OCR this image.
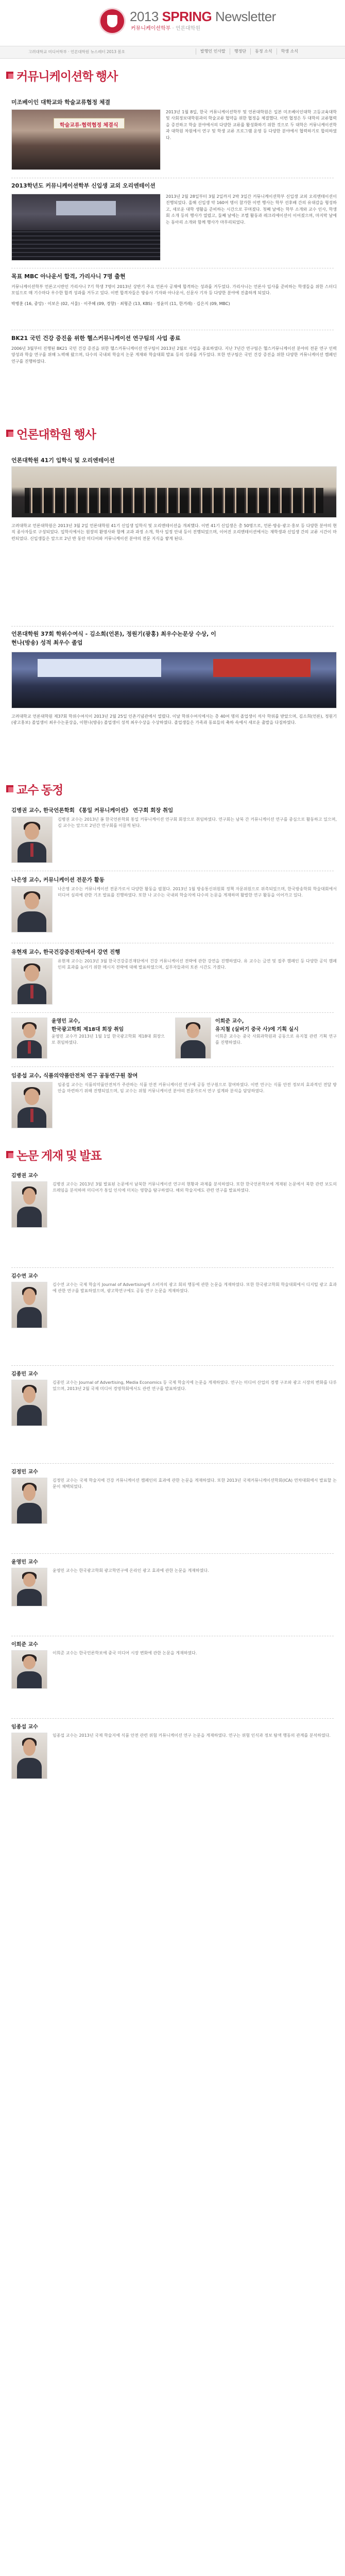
2013 SPRING Newsletter
커뮤니케이션학부 · 언론대학원
고려대학교 미디어학부 · 언론대학원 뉴스레터 2013 봄호	발행인 인사말	행정단	동정 소식	학생 소식
커뮤니케이션학 행사
미조베이인 대학교와 학술교류협정 체결
학술교류·협력협정 체결식

2013년 1월 8일, 한국 커뮤니케이션학부 및 언론대학원은 일본 미조베이인대학 고등교육대학 및 사회정보대학원과의 학술교류 협약을 위한 협정을 체결했다. 이번 협정은 두 대학의 교류협력을 증진하고 학술 분야에서의 다양한 교류를 활성화하기 위한 것으로 두 대학은 커뮤니케이션학과 대학원 차원에서 연구 및 학생 교류 프로그램 운영 등 다양한 분야에서 협력하기로 합의하였다.

2013학년도 커뮤니케이션학부 신입생 교외 오리엔테이션

2013년 2월 28일부터 3월 2일까지 2박 3일간 커뮤니케이션학부 신입생 교외 오리엔테이션이 진행되었다. 올해 신입생 약 160여 명이 참가한 이번 행사는 학부 선후배 간의 유대감을 형성하고, 새로운 대학 생활을 준비하는 시간으로 꾸며졌다. 첫째 날에는 학부 소개와 교수 인사, 학생회 소개 등의 행사가 열렸고, 둘째 날에는 조별 활동과 레크리에이션이 이어졌으며, 마지막 날에는 동아리 소개와 함께 행사가 마무리되었다.

목표 MBC 아나운서 합격, 가리사니 7명 출현

커뮤니케이션학부 언론고시반인 가리사니 7기 학생 7명이 2013년 상반기 주요 언론사 공채에 합격하는 성과를 거두었다. 가리사니는 언론사 입사를 준비하는 학생들을 위한 스터디 모임으로 매 기수마다 우수한 합격 성과를 거두고 있다. 이번 합격자들은 방송사 기자와 아나운서, 신문사 기자 등 다양한 분야에 진출하게 되었다.

박병훈 (16, 중앙) · 이보은 (02, 서울) · 이주혜 (09, 경향) · 최형준 (13, KBS) · 정윤미 (11, 한겨레) · 김은지 (09, MBC)

BK21 국민 건강 증진을 위한 헬스커뮤니케이션 연구팀의 사업 종료

2006년 3월부터 진행된 BK21 국민 건강 증진을 위한 헬스커뮤니케이션 연구팀이 2013년 2월로 사업을 종료하였다. 지난 7년간 연구팀은 헬스커뮤니케이션 분야의 전문 연구 인력 양성과 학술 연구를 위해 노력해 왔으며, 다수의 국내외 학술지 논문 게재와 학술대회 발표 등의 성과를 거두었다. 또한 연구팀은 국민 건강 증진을 위한 다양한 커뮤니케이션 캠페인 연구를 진행하였다.

언론대학원 행사
언론대학원 41기 입학식 및 오리엔테이션

고려대학교 언론대학원은 2013년 3월 2일 언론대학원 41기 신입생 입학식 및 오리엔테이션을 개최했다. 이번 41기 신입생은 총 50명으로, 언론·방송·광고·홍보 등 다양한 분야의 현직 종사자들로 구성되었다. 입학식에서는 원장의 환영사와 함께 교과 과정 소개, 학사 일정 안내 등이 진행되었으며, 이어진 오리엔테이션에서는 재학생과 신입생 간의 교류 시간이 마련되었다. 신입생들은 앞으로 2년 반 동안 미디어와 커뮤니케이션 분야의 전문 지식을 쌓게 된다.

언론대학원 37회 학위수여식 - 김소희(언론), 정원기(광홍) 최우수논문상 수상, 이현나(방송) 성적 최우수 졸업

고려대학교 언론대학원 제37회 학위수여식이 2013년 2월 25일 인촌기념관에서 열렸다. 이날 학위수여식에서는 총 40여 명의 졸업생이 석사 학위를 받았으며, 김소희(언론), 정원기(광고홍보) 졸업생이 최우수논문상을, 이현나(방송) 졸업생이 성적 최우수상을 수상하였다. 졸업생들은 가족과 동료들의 축하 속에서 새로운 출발을 다짐하였다.

교수 동정
김병권 교수, 한국언론학회 《통일 커뮤니케이션》 연구회 회장 취임

김병권 교수는 2013년 봄 한국언론학회 통일 커뮤니케이션 연구회 회장으로 취임하였다. 연구회는 남북 간 커뮤니케이션 연구를 중심으로 활동하고 있으며, 김 교수는 앞으로 2년간 연구회를 이끌게 된다.

나은영 교수, 커뮤니케이션 전문가 활동

나은영 교수는 커뮤니케이션 전문가로서 다양한 활동을 펼쳤다. 2013년 1월 방송통신위원회 정책 자문위원으로 위촉되었으며, 한국방송학회 학술대회에서 미디어 심리에 관한 기조 발표를 진행하였다. 또한 나 교수는 국내외 학술지에 다수의 논문을 게재하며 활발한 연구 활동을 이어가고 있다.

유현재 교수, 한국건강증진재단에서 강연 진행

유현재 교수는 2013년 3월 한국건강증진재단에서 건강 커뮤니케이션 전략에 관한 강연을 진행하였다. 유 교수는 금연 및 절주 캠페인 등 다양한 공익 캠페인의 효과를 높이기 위한 메시지 전략에 대해 발표하였으며, 실무자들과의 토론 시간도 가졌다.

윤영민 교수,
한국광고학회 제18대 회장 취임

윤영민 교수가 2013년 1월 1일 한국광고학회 제18대 회장으로 취임하였다.

이희준 교수,
유지철 (실버기 중국 사)에 기획 실시

이희준 교수는 중국 사회과학원과 공동으로 유지철 관련 기획 연구를 진행하였다.

임종섭 교수, 식품의약품안전처 연구 공동연구원 참여

임종섭 교수는 식품의약품안전처가 주관하는 식품 안전 커뮤니케이션 연구에 공동 연구원으로 참여하였다. 이번 연구는 식품 안전 정보의 효과적인 전달 방안을 마련하기 위해 진행되었으며, 임 교수는 위험 커뮤니케이션 분야의 전문가로서 연구 설계와 분석을 담당하였다.

논문 게재 및 발표
김병권 교수

김병권 교수는 2013년 3월 발표된 논문에서 남북한 커뮤니케이션 연구의 현황과 과제를 분석하였다. 또한 한국언론학보에 게재된 논문에서 북한 관련 보도의 프레임을 분석하며 미디어가 통일 인식에 미치는 영향을 탐구하였다. 해외 학술지에도 관련 연구를 발표하였다.

김수연 교수

김수연 교수는 국제 학술지 Journal of Advertising에 소비자의 광고 회피 행동에 관한 논문을 게재하였다. 또한 한국광고학회 학술대회에서 디지털 광고 효과에 관한 연구를 발표하였으며, 광고학연구에도 공동 연구 논문을 게재하였다.

김종민 교수

김종민 교수는 Journal of Advertising, Media Economics 등 국제 학술지에 논문을 게재하였다. 연구는 미디어 산업의 경쟁 구조와 광고 시장의 변화를 다루었으며, 2013년 2월 국제 미디어 경영학회에서도 관련 연구를 발표하였다.

김정민 교수

김정민 교수는 국제 학술지에 건강 커뮤니케이션 캠페인의 효과에 관한 논문을 게재하였다. 또한 2013년 국제커뮤니케이션학회(ICA) 연차대회에서 발표할 논문이 채택되었다.

윤영민 교수

윤영민 교수는 한국광고학회 광고학연구에 온라인 광고 효과에 관한 논문을 게재하였다.

이희준 교수

이희준 교수는 한국언론학보에 중국 미디어 시장 변화에 관한 논문을 게재하였다.

임종섭 교수

임종섭 교수는 2013년 국제 학술지에 식품 안전 관련 위험 커뮤니케이션 연구 논문을 게재하였다. 연구는 위험 인식과 정보 탐색 행동의 관계를 분석하였다.
